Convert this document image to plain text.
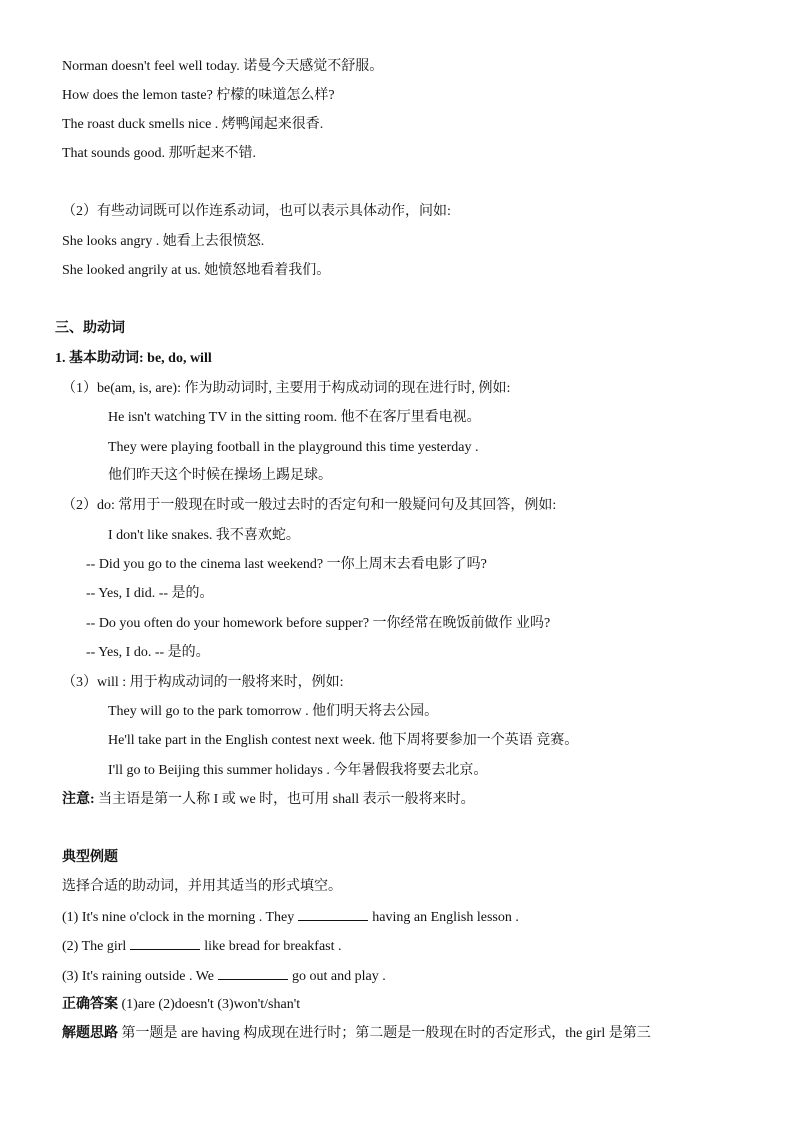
Norman doesn't feel well today. 诺曼今天感觉不舒服。
How does the lemon taste? 柠檬的味道怎么样?
The roast duck smells nice . 烤鸭闻起来很香.
That sounds good. 那听起来不错.
（2）有些动词既可以作连系动词，也可以表示具体动作，问如:
She looks angry . 她看上去很愤怒.
She looked angrily at us. 她愤怒地看着我们。
三、助动词
1. 基本助动词: be, do, will
（1）be(am, is, are): 作为助动词时, 主要用于构成动词的现在进行时, 例如:
He isn't watching TV in the sitting room. 他不在客厅里看电视。
They were playing football in the playground this time yesterday .
他们昨天这个时候在操场上踢足球。
（2）do: 常用于一般现在时或一般过去时的否定句和一般疑问句及其回答，例如:
I don't like snakes. 我不喜欢蛇。
-- Did you go to the cinema last weekend? 一你上周末去看电影了吗?
-- Yes, I did. -- 是的。
-- Do you often do your homework before supper? 一你经常在晚饭前做作 业吗?
-- Yes, I do. -- 是的。
（3）will : 用于构成动词的一般将来时，例如:
They will go to the park tomorrow . 他们明天将去公园。
He'll take part in the English contest next week. 他下周将要参加一个英语 竞赛。
I'll go to Beijing this summer holidays . 今年暑假我将要去北京。
注意: 当主语是第一人称 I 或 we 时，也可用 shall 表示一般将来时。
典型例题
选择合适的助动词，并用其适当的形式填空。
(1) It's nine o'clock in the morning . They	having an English lesson .
(2) The girl	like bread for breakfast .
(3) It's raining outside . We	go out and play .
正确答案 (1)are (2)doesn't (3)won't/shan't
解题思路 第一题是 are having 构成现在进行时；第二题是一般现在时的否定形式，the girl 是第三
